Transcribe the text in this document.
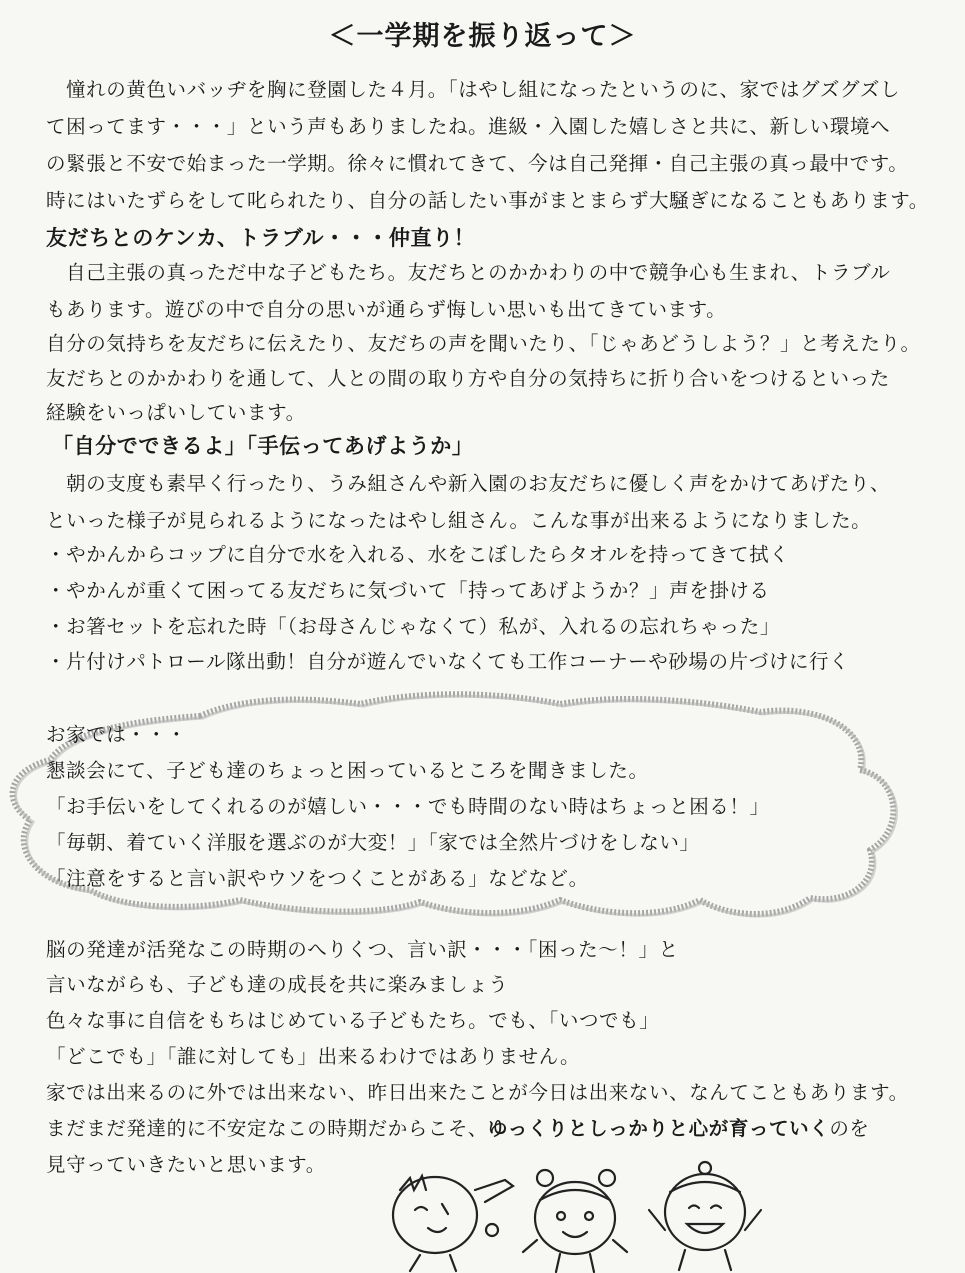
＜一学期を振り返って＞
憧れの黄色いバッヂを胸に登園した４月。「はやし組になったというのに、家ではグズグズし
て困ってます・・・」という声もありましたね。進級・入園した嬉しさと共に、新しい環境へ
の緊張と不安で始まった一学期。徐々に慣れてきて、今は自己発揮・自己主張の真っ最中です。
時にはいたずらをして叱られたり、自分の話したい事がまとまらず大騒ぎになることもあります。
友だちとのケンカ、トラブル・・・仲直り！
自己主張の真っただ中な子どもたち。友だちとのかかわりの中で競争心も生まれ、トラブル
もあります。遊びの中で自分の思いが通らず悔しい思いも出てきています。
自分の気持ちを友だちに伝えたり、友だちの声を聞いたり、「じゃあどうしよう？」と考えたり。
友だちとのかかわりを通して、人との間の取り方や自分の気持ちに折り合いをつけるといった
経験をいっぱいしています。
「自分でできるよ」「手伝ってあげようか」
朝の支度も素早く行ったり、うみ組さんや新入園のお友だちに優しく声をかけてあげたり、
といった様子が見られるようになったはやし組さん。こんな事が出来るようになりました。
・やかんからコップに自分で水を入れる、水をこぼしたらタオルを持ってきて拭く
・やかんが重くて困ってる友だちに気づいて「持ってあげようか？」声を掛ける
・お箸セットを忘れた時「（お母さんじゃなくて）私が、入れるの忘れちゃった」
・片付けパトロール隊出動！自分が遊んでいなくても工作コーナーや砂場の片づけに行く
お家では・・・
懇談会にて、子ども達のちょっと困っているところを聞きました。
「お手伝いをしてくれるのが嬉しい・・・でも時間のない時はちょっと困る！」
「毎朝、着ていく洋服を選ぶのが大変！」「家では全然片づけをしない」
「注意をすると言い訳やウソをつくことがある」などなど。
脳の発達が活発なこの時期のへりくつ、言い訳・・・「困った～！」と
言いながらも、子ども達の成長を共に楽みましょう
色々な事に自信をもちはじめている子どもたち。でも、「いつでも」
「どこでも」「誰に対しても」出来るわけではありません。
家では出来るのに外では出来ない、昨日出来たことが今日は出来ない、なんてこともあります。
まだまだ発達的に不安定なこの時期だからこそ、ゆっくりとしっかりと心が育っていくのを
見守っていきたいと思います。
